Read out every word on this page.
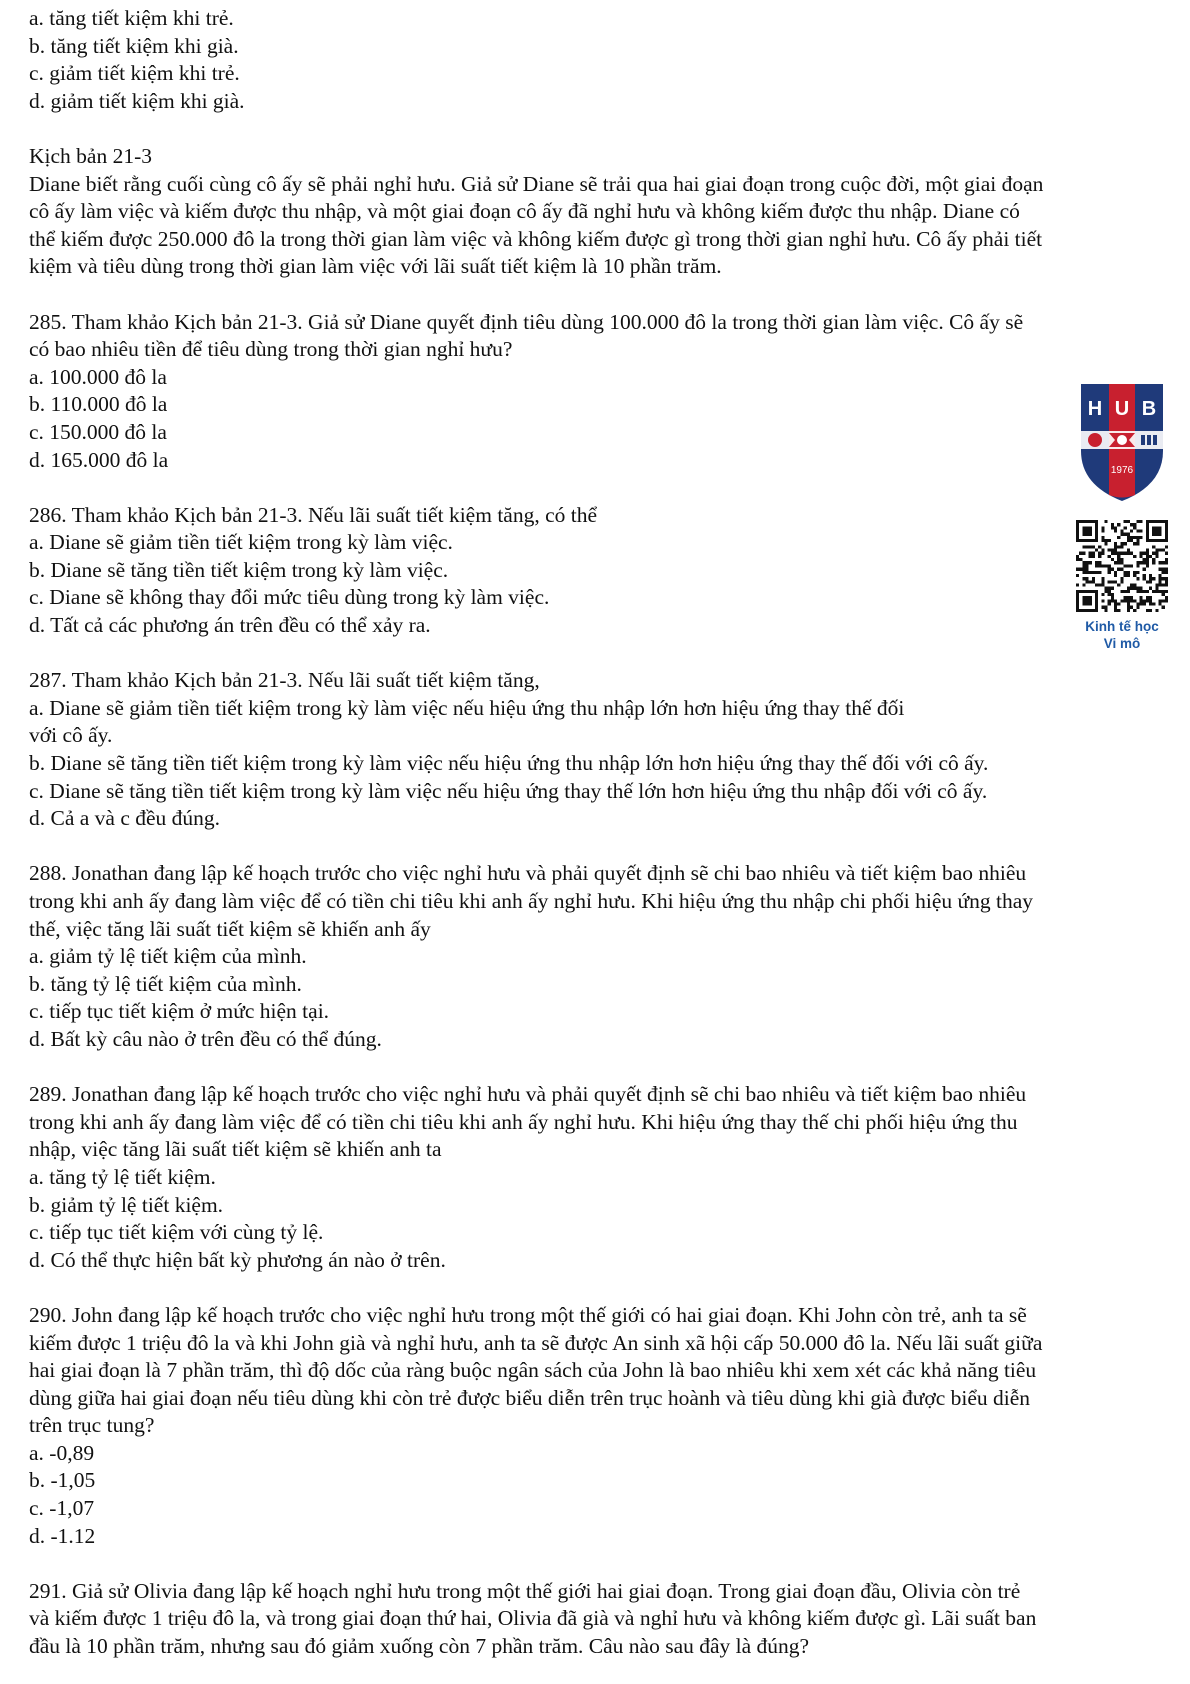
a. tăng tiết kiệm khi trẻ.
b. tăng tiết kiệm khi già.
c. giảm tiết kiệm khi trẻ.
d. giảm tiết kiệm khi già.
Kịch bản 21-3
Diane biết rằng cuối cùng cô ấy sẽ phải nghỉ hưu. Giả sử Diane sẽ trải qua hai giai đoạn trong cuộc đời, một giai đoạn
cô ấy làm việc và kiếm được thu nhập, và một giai đoạn cô ấy đã nghỉ hưu và không kiếm được thu nhập. Diane có
thể kiếm được 250.000 đô la trong thời gian làm việc và không kiếm được gì trong thời gian nghỉ hưu. Cô ấy phải tiết
kiệm và tiêu dùng trong thời gian làm việc với lãi suất tiết kiệm là 10 phần trăm.
285. Tham khảo Kịch bản 21-3. Giả sử Diane quyết định tiêu dùng 100.000 đô la trong thời gian làm việc. Cô ấy sẽ
có bao nhiêu tiền để tiêu dùng trong thời gian nghỉ hưu?
a. 100.000 đô la
b. 110.000 đô la
c. 150.000 đô la
d. 165.000 đô la
286. Tham khảo Kịch bản 21-3. Nếu lãi suất tiết kiệm tăng, có thể
a. Diane sẽ giảm tiền tiết kiệm trong kỳ làm việc.
b. Diane sẽ tăng tiền tiết kiệm trong kỳ làm việc.
c. Diane sẽ không thay đổi mức tiêu dùng trong kỳ làm việc.
d. Tất cả các phương án trên đều có thể xảy ra.
287. Tham khảo Kịch bản 21-3. Nếu lãi suất tiết kiệm tăng,
a. Diane sẽ giảm tiền tiết kiệm trong kỳ làm việc nếu hiệu ứng thu nhập lớn hơn hiệu ứng thay thế đối
với cô ấy.
b. Diane sẽ tăng tiền tiết kiệm trong kỳ làm việc nếu hiệu ứng thu nhập lớn hơn hiệu ứng thay thế đối với cô ấy.
c. Diane sẽ tăng tiền tiết kiệm trong kỳ làm việc nếu hiệu ứng thay thế lớn hơn hiệu ứng thu nhập đối với cô ấy.
d. Cả a và c đều đúng.
288. Jonathan đang lập kế hoạch trước cho việc nghỉ hưu và phải quyết định sẽ chi bao nhiêu và tiết kiệm bao nhiêu
trong khi anh ấy đang làm việc để có tiền chi tiêu khi anh ấy nghỉ hưu. Khi hiệu ứng thu nhập chi phối hiệu ứng thay
thế, việc tăng lãi suất tiết kiệm sẽ khiến anh ấy
a. giảm tỷ lệ tiết kiệm của mình.
b. tăng tỷ lệ tiết kiệm của mình.
c. tiếp tục tiết kiệm ở mức hiện tại.
d. Bất kỳ câu nào ở trên đều có thể đúng.
289. Jonathan đang lập kế hoạch trước cho việc nghỉ hưu và phải quyết định sẽ chi bao nhiêu và tiết kiệm bao nhiêu
trong khi anh ấy đang làm việc để có tiền chi tiêu khi anh ấy nghỉ hưu. Khi hiệu ứng thay thế chi phối hiệu ứng thu
nhập, việc tăng lãi suất tiết kiệm sẽ khiến anh ta
a. tăng tỷ lệ tiết kiệm.
b. giảm tỷ lệ tiết kiệm.
c. tiếp tục tiết kiệm với cùng tỷ lệ.
d. Có thể thực hiện bất kỳ phương án nào ở trên.
290. John đang lập kế hoạch trước cho việc nghỉ hưu trong một thế giới có hai giai đoạn. Khi John còn trẻ, anh ta sẽ
kiếm được 1 triệu đô la và khi John già và nghỉ hưu, anh ta sẽ được An sinh xã hội cấp 50.000 đô la. Nếu lãi suất giữa
hai giai đoạn là 7 phần trăm, thì độ dốc của ràng buộc ngân sách của John là bao nhiêu khi xem xét các khả năng tiêu
dùng giữa hai giai đoạn nếu tiêu dùng khi còn trẻ được biểu diễn trên trục hoành và tiêu dùng khi già được biểu diễn
trên trục tung?
a. -0,89
b. -1,05
c. -1,07
d. -1.12
291. Giả sử Olivia đang lập kế hoạch nghỉ hưu trong một thế giới hai giai đoạn. Trong giai đoạn đầu, Olivia còn trẻ
và kiếm được 1 triệu đô la, và trong giai đoạn thứ hai, Olivia đã già và nghỉ hưu và không kiếm được gì. Lãi suất ban
đầu là 10 phần trăm, nhưng sau đó giảm xuống còn 7 phần trăm. Câu nào sau đây là đúng?
H U B
1976
Kinh tế học
Vi mô
